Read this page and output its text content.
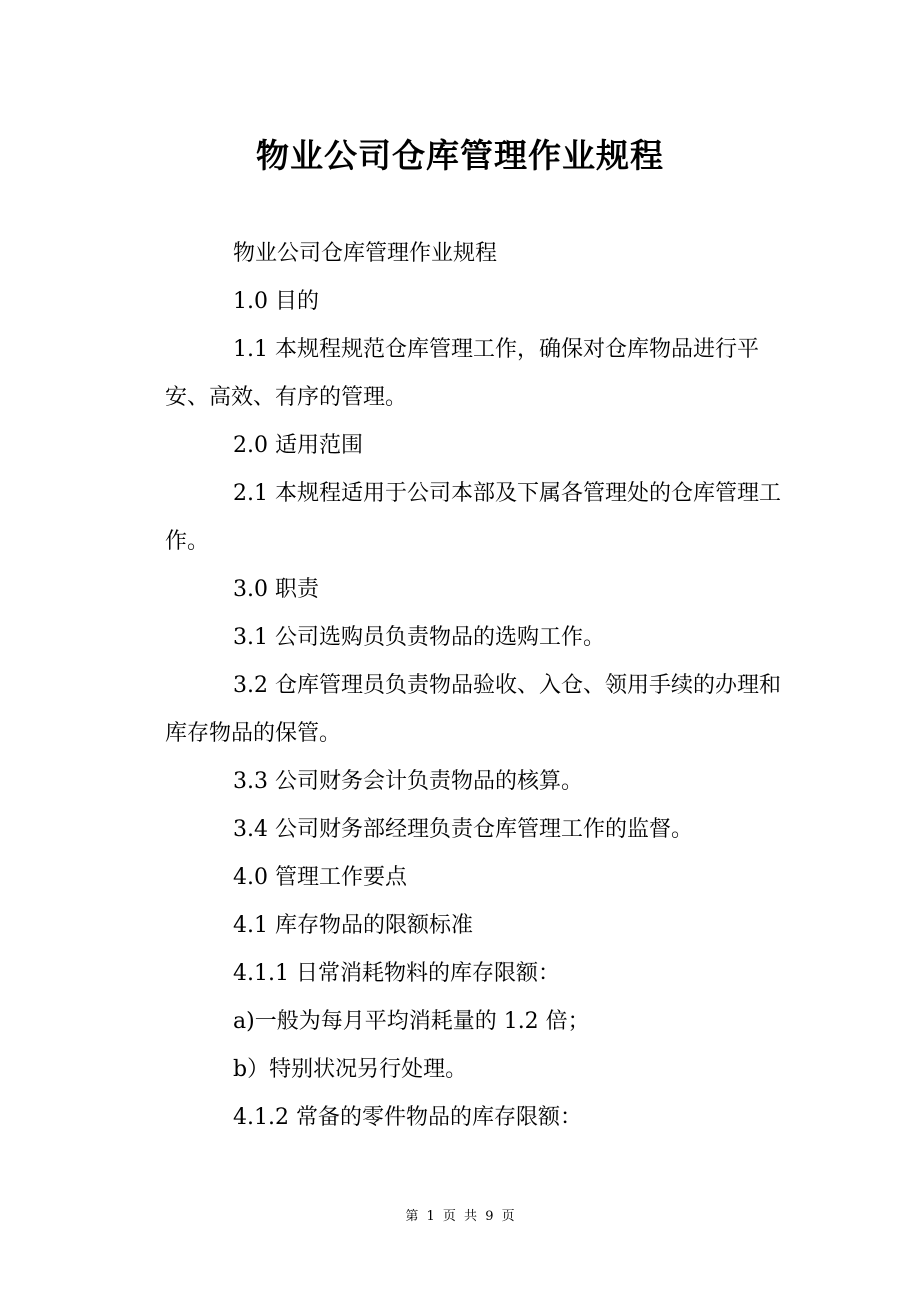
物业公司仓库管理作业规程

物业公司仓库管理作业规程

1.0 目的

1.1 本规程规范仓库管理工作，确保对仓库物品进行平安、高效、有序的管理。

2.0 适用范围

2.1 本规程适用于公司本部及下属各管理处的仓库管理工作。

3.0 职责

3.1 公司选购员负责物品的选购工作。

3.2 仓库管理员负责物品验收、入仓、领用手续的办理和库存物品的保管。

3.3 公司财务会计负责物品的核算。

3.4 公司财务部经理负责仓库管理工作的监督。

4.0 管理工作要点

4.1 库存物品的限额标准

4.1.1 日常消耗物料的库存限额：

a)一般为每月平均消耗量的 1.2 倍；

b）特别状况另行处理。

4.1.2 常备的零件物品的库存限额：

第 1 页 共 9 页
